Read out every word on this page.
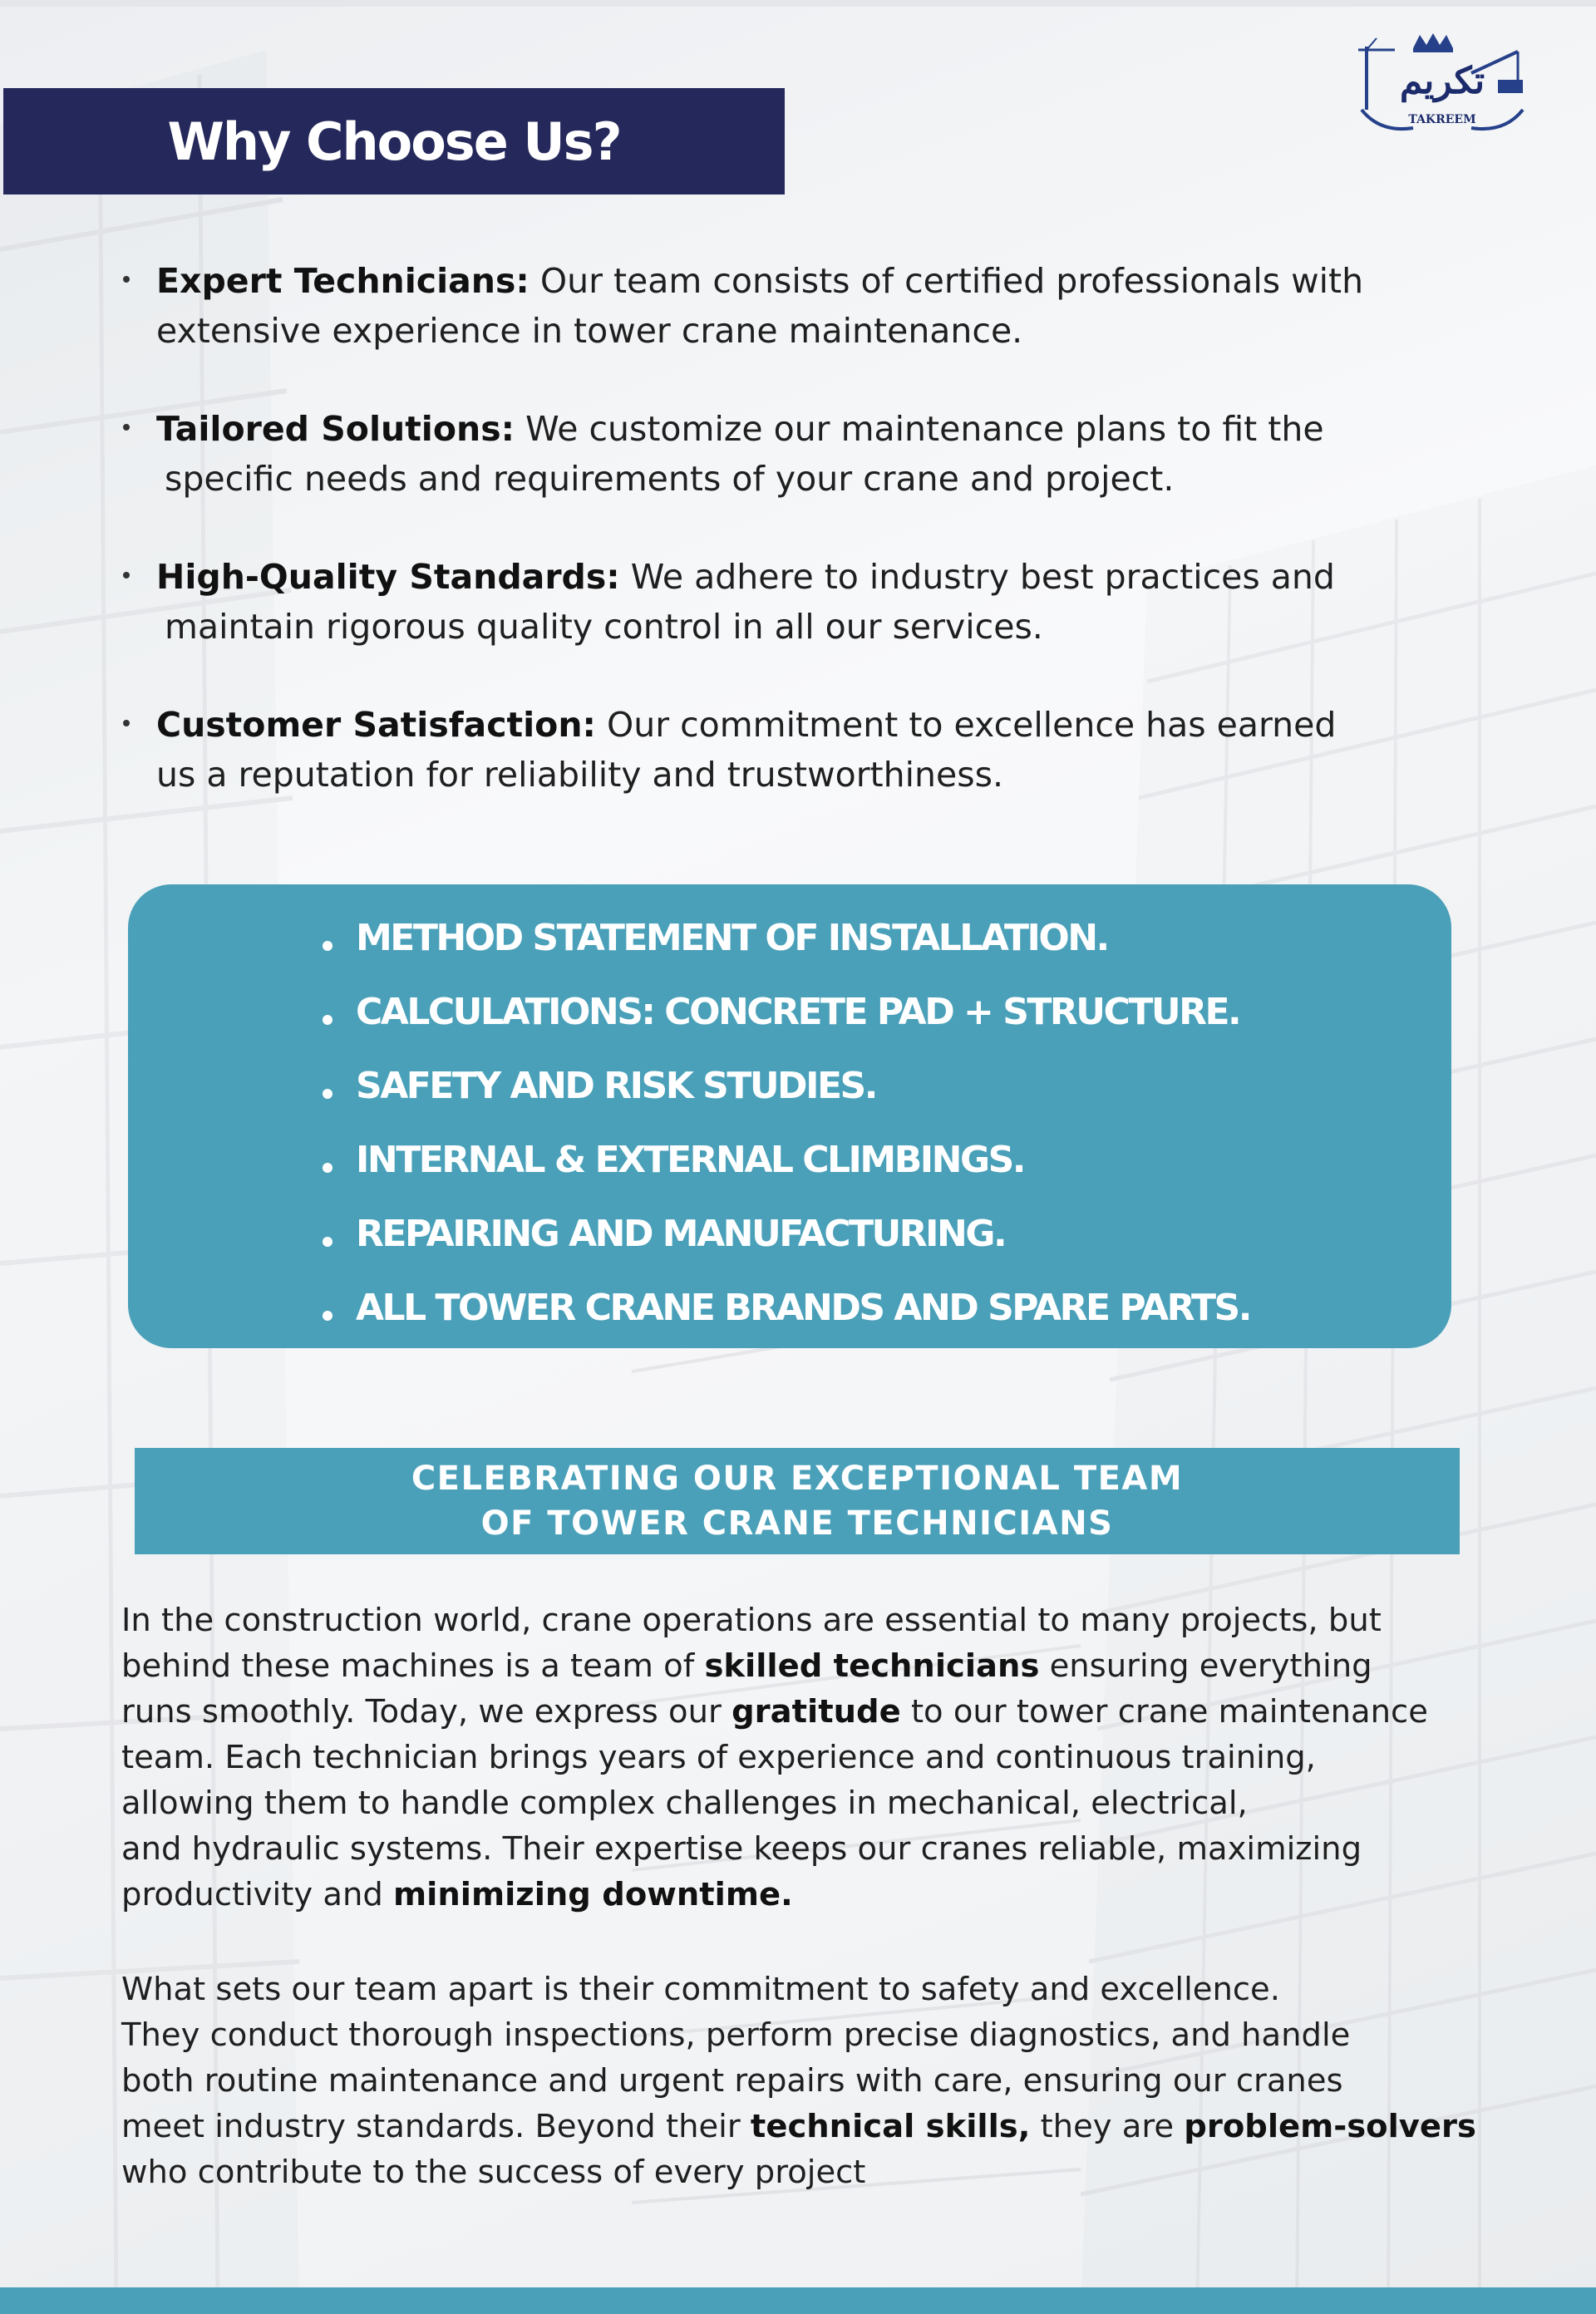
Why Choose Us?
تكريم
TAKREEM

Expert Technicians: Our team consists of certified professionals with
extensive experience in tower crane maintenance.

Tailored Solutions: We customize our maintenance plans to fit the
specific needs and requirements of your crane and project.

High-Quality Standards: We adhere to industry best practices and
maintain rigorous quality control in all our services.

Customer Satisfaction: Our commitment to excellence has earned
us a reputation for reliability and trustworthiness.

METHOD STATEMENT OF INSTALLATION.
CALCULATIONS: CONCRETE PAD + STRUCTURE.
SAFETY AND RISK STUDIES.
INTERNAL & EXTERNAL CLIMBINGS.
REPAIRING AND MANUFACTURING.
ALL TOWER CRANE BRANDS AND SPARE PARTS.
CELEBRATING OUR EXCEPTIONAL TEAM
OF TOWER CRANE TECHNICIANS

In the construction world, crane operations are essential to many projects, but
behind these machines is a team of skilled technicians ensuring everything
runs smoothly. Today, we express our gratitude to our tower crane maintenance
team. Each technician brings years of experience and continuous training,
allowing them to handle complex challenges in mechanical, electrical,
and hydraulic systems. Their expertise keeps our cranes reliable, maximizing
productivity and minimizing downtime.

What sets our team apart is their commitment to safety and excellence.
They conduct thorough inspections, perform precise diagnostics, and handle
both routine maintenance and urgent repairs with care, ensuring our cranes
meet industry standards. Beyond their technical skills, they are problem-solvers
who contribute to the success of every project
